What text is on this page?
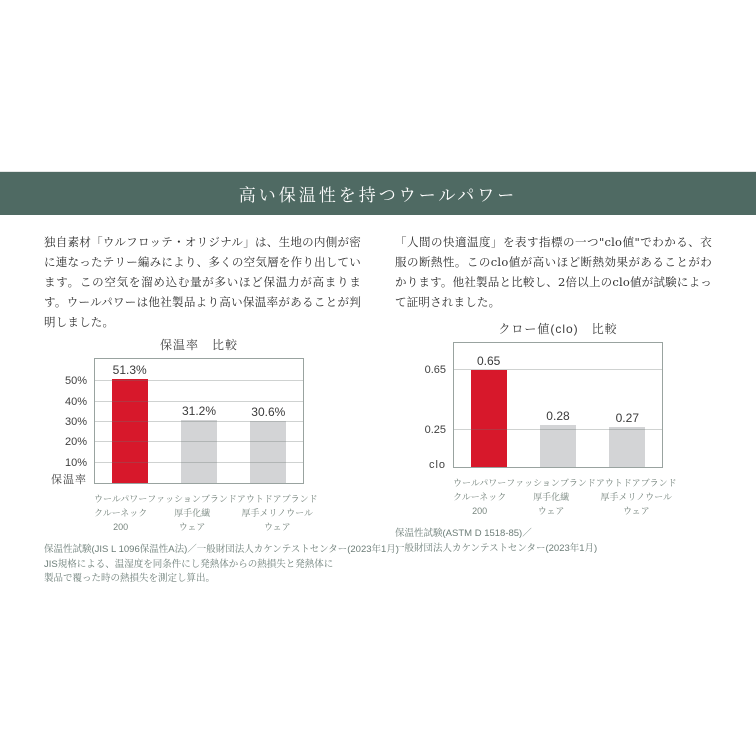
高い保温性を持つウールパワー

独自素材「ウルフロッテ・オリジナル」は、生地の内側が密に連なったテリー編みにより、多くの空気層を作り出しています。この空気を溜め込む量が多いほど保温力が高まります。ウールパワーは他社製品より高い保温率があることが判明しました。

保温率　比較
保温率
10%
20%
30%
40%
50%
51.3%
31.2%	30.6%
ウールパワー
クルーネック
200
ファッションブランド
厚手化繊
ウェア
アウトドアブランド
厚手メリノウール
ウェア
保温性試験(JIS L 1096保温性A法)／一般財団法人カケンテストセンター(2023年1月)
JIS規格による、温湿度を同条件にし発熱体からの熱損失と発熱体に
製品で覆った時の熱損失を測定し算出。

「人間の快適温度」を表す指標の一つ"clo値"でわかる、衣服の断熱性。このclo値が高いほど断熱効果があることがわかります。他社製品と比較し、2倍以上のclo値が試験によって証明されました。

クロー値(clo)　比較
clo
0.25
0.65
0.65
0.28	0.27
ウールパワー
クルーネック
200
ファッションブランド
厚手化繊
ウェア
アウトドアブランド
厚手メリノウール
ウェア
保温性試験(ASTM D 1518-85)／
一般財団法人カケンテストセンター(2023年1月)
